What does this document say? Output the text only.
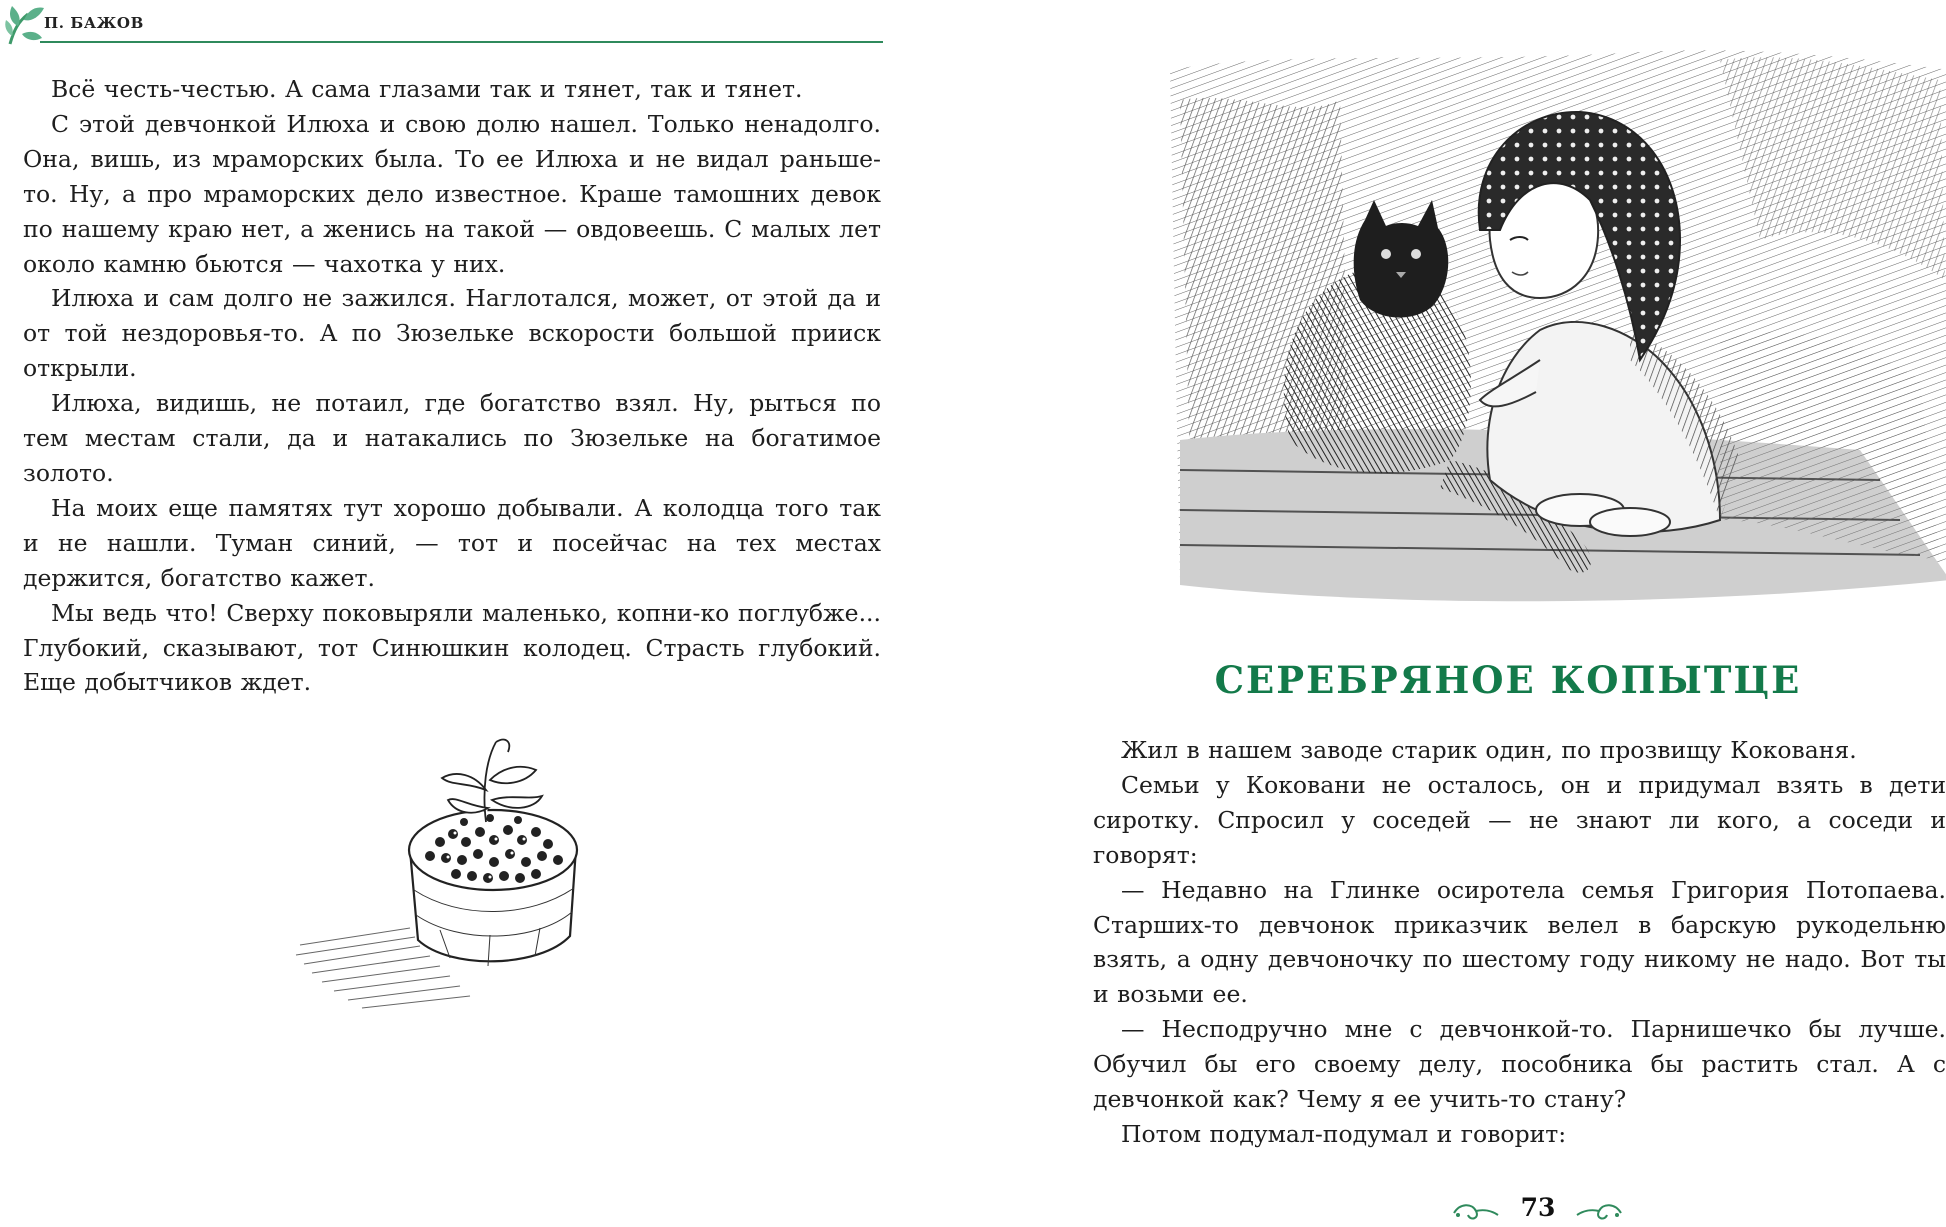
П. БАЖОВ

Всё честь-честью. А сама глазами так и тянет, так и тянет.

С этой девчонкой Илюха и свою долю нашел. Только ненадолго. Она, вишь, из мраморских была. То ее Илюха и не видал раньше-то. Ну, а про мраморских дело известное. Краше тамошних девок по нашему краю нет, а женись на такой — овдовеешь. С малых лет около камню бьются — чахотка у них.

Илюха и сам долго не зажился. Наглотался, может, от этой да и от той нездоровья-то. А по Зюзельке вскорости большой прииск открыли.

Илюха, видишь, не потаил, где богатство взял. Ну, рыться по тем местам стали, да и натакались по Зюзельке на богатимое золото.

На моих еще памятях тут хорошо добывали. А колодца того так и не нашли. Туман синий, — тот и посейчас на тех местах держится, богатство кажет.

Мы ведь что! Сверху поковыряли маленько, копни-ко поглубже... Глубокий, сказывают, тот Синюшкин колодец. Страсть глубокий. Еще добытчиков ждет.	СЕРЕБРЯНОЕ КОПЫТЦЕ

Жил в нашем заводе старик один, по прозвищу Кокованя.

Семьи у Коковани не осталось, он и придумал взять в дети сиротку. Спросил у соседей — не знают ли кого, а соседи и говорят:

— Недавно на Глинке осиротела семья Григория Потопаева. Старших-то девчонок приказчик велел в барскую рукодельню взять, а одну девчоночку по шестому году никому не надо. Вот ты и возьми ее.

— Несподручно мне с девчонкой-то. Парнишечко бы лучше. Обучил бы его своему делу, пособника бы растить стал. А с девчонкой как? Чему я ее учить-то стану?

Потом подумал-подумал и говорит:

73
